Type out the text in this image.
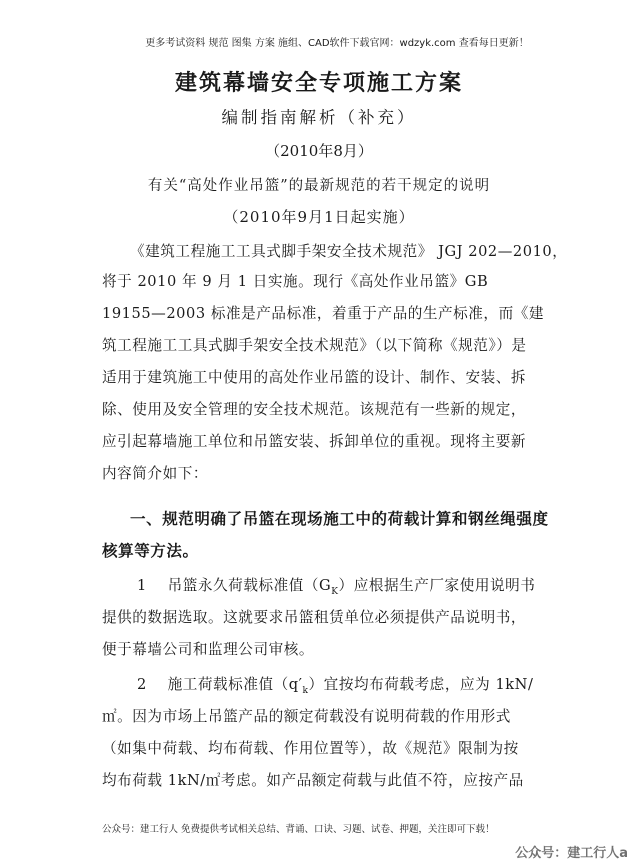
更多考试资料 规范 图集 方案 施组、CAD软件下载官网：wdzyk.com 查看每日更新！
建筑幕墙安全专项施工方案
编制指南解析（补充）
（2010年8月）
有关“高处作业吊篮”的最新规范的若干规定的说明
（2010年9月1日起实施）
《建筑工程施工工具式脚手架安全技术规范》 JGJ 202—2010，
将于 2010 年 9 月 1 日实施。现行《高处作业吊篮》GB
19155—2003 标准是产品标准，着重于产品的生产标准，而《建
筑工程施工工具式脚手架安全技术规范》（以下简称《规范》）是
适用于建筑施工中使用的高处作业吊篮的设计、制作、安装、拆
除、使用及安全管理的安全技术规范。该规范有一些新的规定，
应引起幕墙施工单位和吊篮安装、拆卸单位的重视。现将主要新
内容简介如下：
一、规范明确了吊篮在现场施工中的荷载计算和钢丝绳强度
核算等方法。
1 吊篮永久荷载标准值$(G_K)$应根据生产厂家使用说明书
提供的数据选取。这就要求吊篮租赁单位必须提供产品说明书，
便于幕墙公司和监理公司审核。
2 施工荷载标准值$(q'_k)$宜按均布荷载考虑，应为 1kN/
㎡。因为市场上吊篮产品的额定荷载没有说明荷载的作用形式
（如集中荷载、均布荷载、作用位置等），故《规范》限制为按
均布荷载 1kN/㎡考虑。如产品额定荷载与此值不符，应按产品
公众号：建工行人 免费提供考试相关总结、背诵、口诀、习题、试卷、押题，关注即可下载！
公众号：建工行人a
